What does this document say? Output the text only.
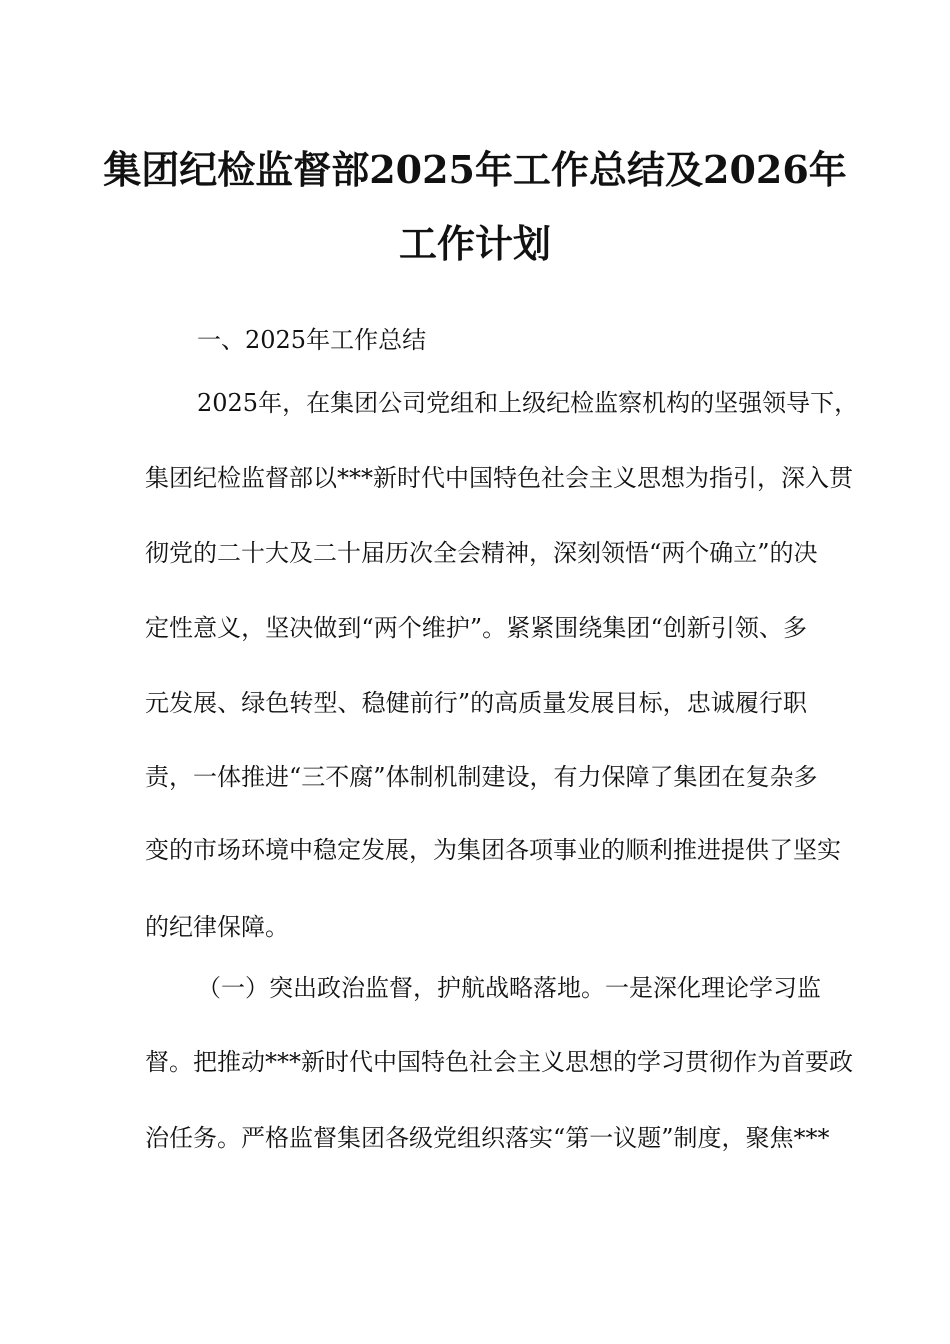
集团纪检监督部2025年工作总结及2026年
工作计划
一、2025年工作总结
2025年，在集团公司党组和上级纪检监察机构的坚强领导下，
集团纪检监督部以***新时代中国特色社会主义思想为指引，深入贯
彻党的二十大及二十届历次全会精神，深刻领悟“两个确立”的决
定性意义，坚决做到“两个维护”。紧紧围绕集团“创新引领、多
元发展、绿色转型、稳健前行”的高质量发展目标，忠诚履行职
责，一体推进“三不腐”体制机制建设，有力保障了集团在复杂多
变的市场环境中稳定发展，为集团各项事业的顺利推进提供了坚实
的纪律保障。
（一）突出政治监督，护航战略落地。一是深化理论学习监
督。把推动***新时代中国特色社会主义思想的学习贯彻作为首要政
治任务。严格监督集团各级党组织落实“第一议题”制度，聚焦***
